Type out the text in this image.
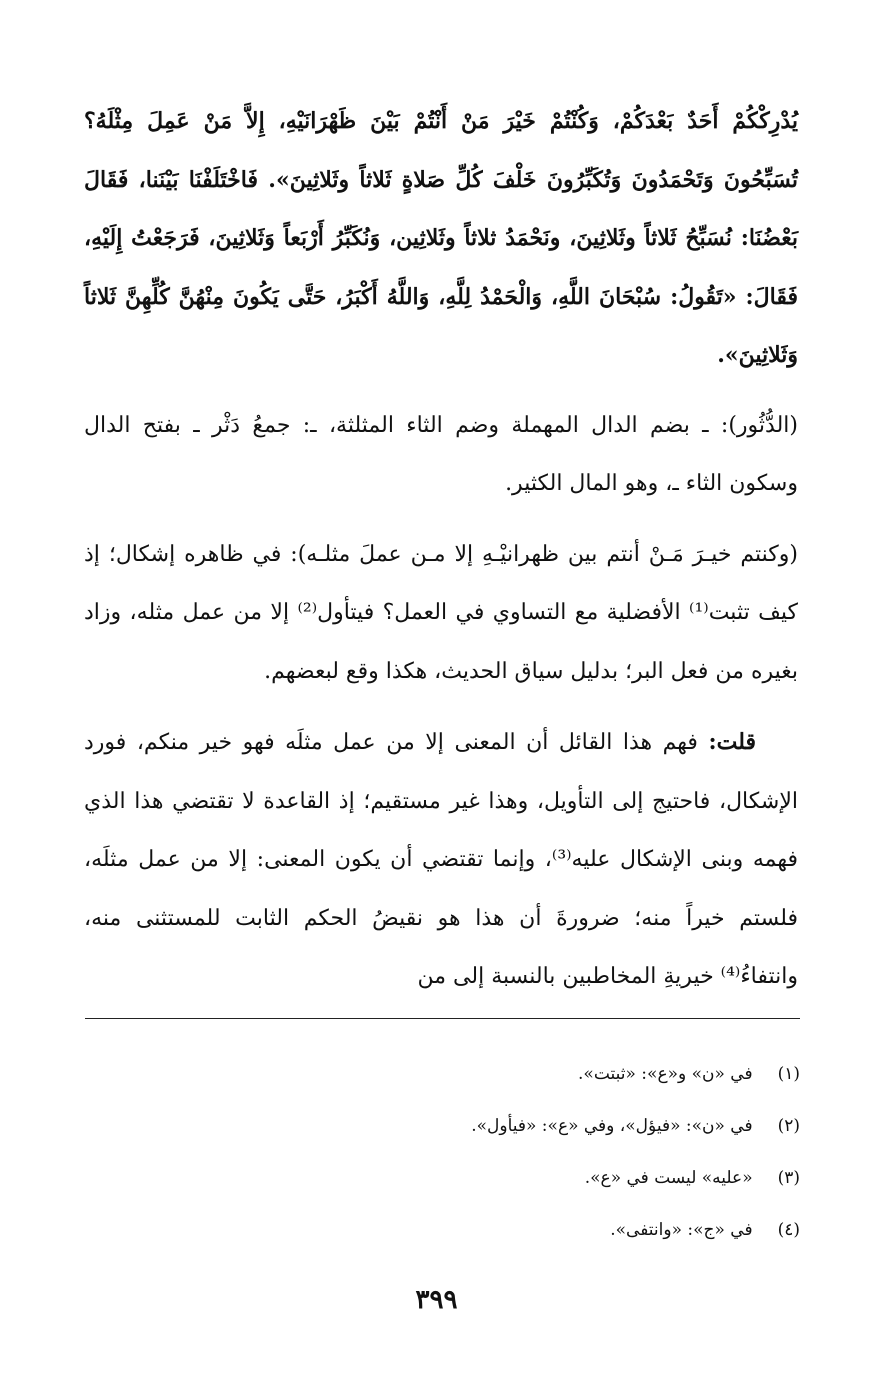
يُدْرِكْكُمْ أَحَدٌ بَعْدَكُمْ، وَكُنْتُمْ خَيْرَ مَنْ أَنْتُمْ بَيْنَ ظَهْرَانَيْهِ، إِلاَّ مَنْ عَمِلَ مِثْلَهُ؟ تُسَبِّحُونَ وَتَحْمَدُونَ وَتُكَبِّرُونَ خَلْفَ كُلِّ صَلاةٍ ثَلاثاً وثَلاثِينَ». فَاخْتَلَفْنَا بَيْنَنا، فَقَالَ بَعْضُنَا: نُسَبِّحُ ثَلاثاً وثَلاثِينَ، ونَحْمَدُ ثلاثاً وثَلاثِين، وَنُكَبِّرُ أَرْبَعاً وَثَلاثِينَ، فَرَجَعْتُ إِلَيْهِ، فَقَالَ: «تَقُولُ: سُبْحَانَ اللَّهِ، وَالْحَمْدُ لِلَّهِ، وَاللَّهُ أَكْبَرُ، حَتَّى يَكُونَ مِنْهُنَّ كُلِّهِنَّ ثَلاثاً وَثَلاثِينَ».

(الدُّثُور): ـ بضم الدال المهملة وضم الثاء المثلثة، ـ: جمعُ دَثْر ـ بفتح الدال وسكون الثاء ـ، وهو المال الكثير.

(وكنتم خيـرَ مَـنْ أنتم بين ظهرانيْـهِ إلا مـن عملَ مثلـه): في ظاهره إشكال؛ إذ كيف تثبت⁽¹⁾ الأفضلية مع التساوي في العمل؟ فيتأول⁽²⁾ إلا من عمل مثله، وزاد بغيره من فعل البر؛ بدليل سياق الحديث، هكذا وقع لبعضهم.

قلت: فهم هذا القائل أن المعنى إلا من عمل مثلَه فهو خير منكم، فورد الإشكال، فاحتيج إلى التأويل، وهذا غير مستقيم؛ إذ القاعدة لا تقتضي هذا الذي فهمه وبنى الإشكال عليه⁽³⁾، وإنما تقتضي أن يكون المعنى: إلا من عمل مثلَه، فلستم خيراً منه؛ ضرورةَ أن هذا هو نقيضُ الحكم الثابت للمستثنى منه، وانتفاءُ⁽⁴⁾ خيريةِ المخاطبين بالنسبة إلى من

(١) في «ن» و«ع»: «ثبتت».
(٢) في «ن»: «فيؤل»، وفي «ع»: «فيأول».
(٣) «عليه» ليست في «ع».
(٤) في «ج»: «وانتفى».
٣٩٩
